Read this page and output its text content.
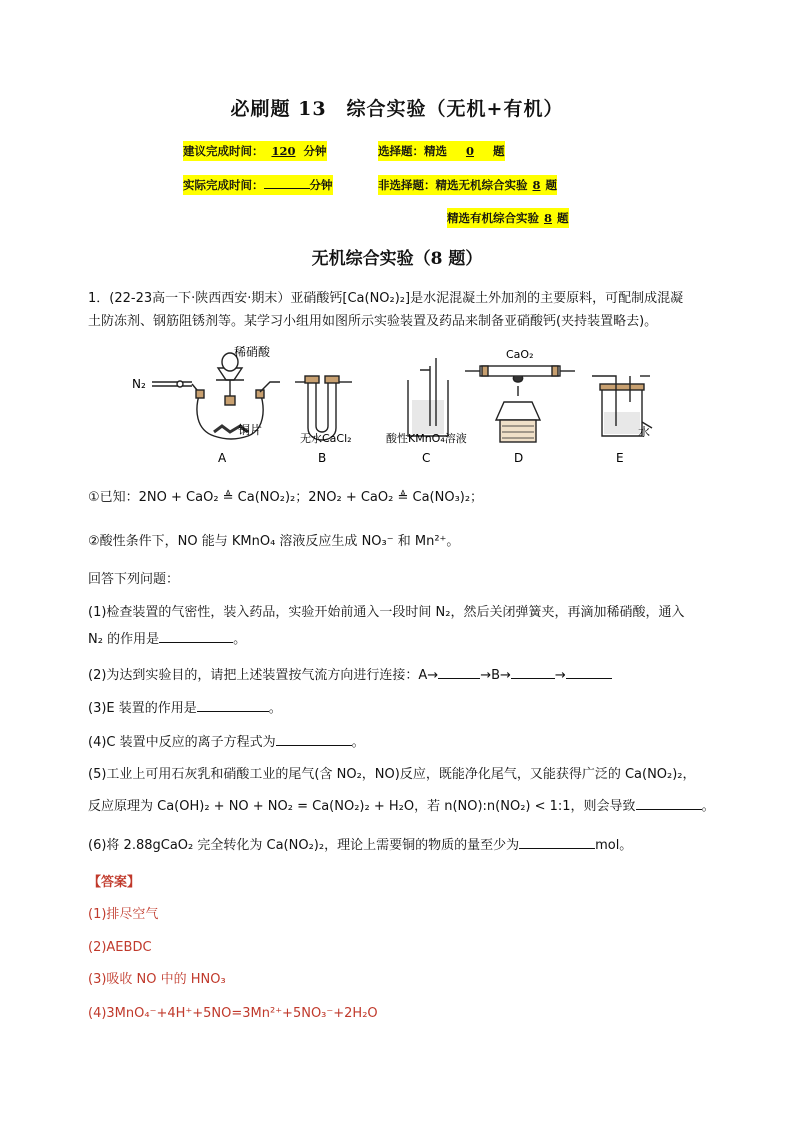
必刷题 13　综合实验（无机+有机）
建议完成时间： 120 分钟	选择题：精选 0 题
实际完成时间：	分钟	非选择题：精选无机综合实验 8 题
精选有机综合实验 8 题
无机综合实验（8 题）
1．(22-23高一下·陕西西安·期末）亚硝酸钙[Ca(NO₂)₂]是水泥混凝土外加剂的主要原料，可配制成混凝
土防冻剂、钢筋阻锈剂等。某学习小组用如图所示实验装置及药品来制备亚硝酸钙(夹持装置略去)。
稀硝酸
N₂
铜片
CaO₂
水
无水CaCl₂	酸性KMnO₄溶液
A	B	C	D	E
①已知：2NO + CaO₂ ≜ Ca(NO₂)₂；2NO₂ + CaO₂ ≜ Ca(NO₃)₂；
②酸性条件下，NO 能与 KMnO₄ 溶液反应生成 NO₃⁻ 和 Mn²⁺。
回答下列问题：
(1)检查装置的气密性，装入药品，实验开始前通入一段时间 N₂，然后关闭弹簧夹，再滴加稀硝酸，通入
N₂ 的作用是	。
(2)为达到实验目的，请把上述装置按气流方向进行连接：A→	→B→	→
(3)E 装置的作用是	。
(4)C 装置中反应的离子方程式为	。
(5)工业上可用石灰乳和硝酸工业的尾气(含 NO₂，NO)反应，既能净化尾气，又能获得广泛的 Ca(NO₂)₂，
反应原理为 Ca(OH)₂ + NO + NO₂ = Ca(NO₂)₂ + H₂O，若 n(NO):n(NO₂) < 1:1，则会导致	。
(6)将 2.88gCaO₂ 完全转化为 Ca(NO₂)₂，理论上需要铜的物质的量至少为	mol。
【答案】
(1)排尽空气
(2)AEBDC
(3)吸收 NO 中的 HNO₃
(4)3MnO₄⁻+4H⁺+5NO=3Mn²⁺+5NO₃⁻+2H₂O
